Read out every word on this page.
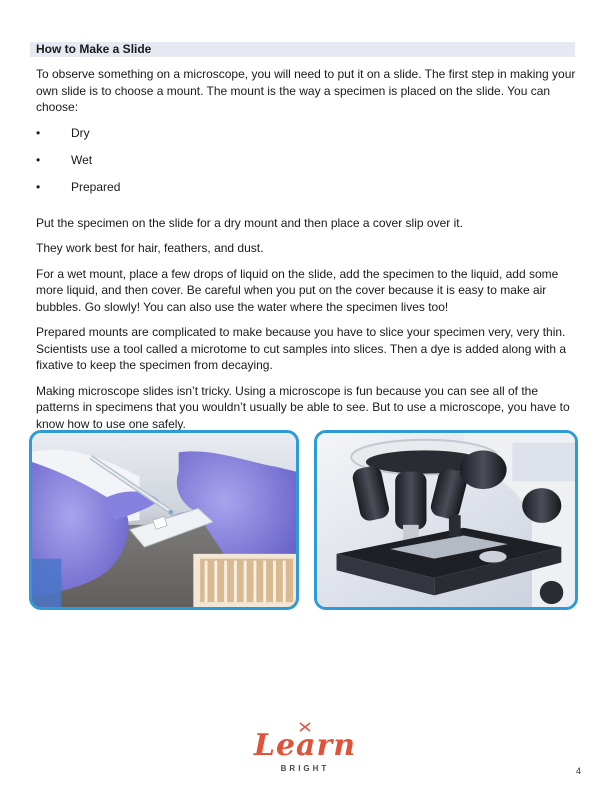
How to Make a Slide

To observe something on a microscope, you will need to put it on a slide. The first step in making your own slide is to choose a mount. The mount is the way a specimen is placed on the slide. You can choose:

• Dry
• Wet
• Prepared

Put the specimen on the slide for a dry mount and then place a cover slip over it.

They work best for hair, feathers, and dust.

For a wet mount, place a few drops of liquid on the slide, add the specimen to the liquid, add some more liquid, and then cover. Be careful when you put on the cover because it is easy to make air bubbles. Go slowly! You can also use the water where the specimen lives too!

Prepared mounts are complicated to make because you have to slice your specimen very, very thin. Scientists use a tool called a microtome to cut samples into slices. Then a dye is added along with a fixative to keep the specimen from decaying.

Making microscope slides isn’t tricky. Using a microscope is fun because you can see all of the patterns in specimens that you wouldn’t usually be able to see. But to use a microscope, you have to know how to use one safely.

Learn
BRIGHT	4
